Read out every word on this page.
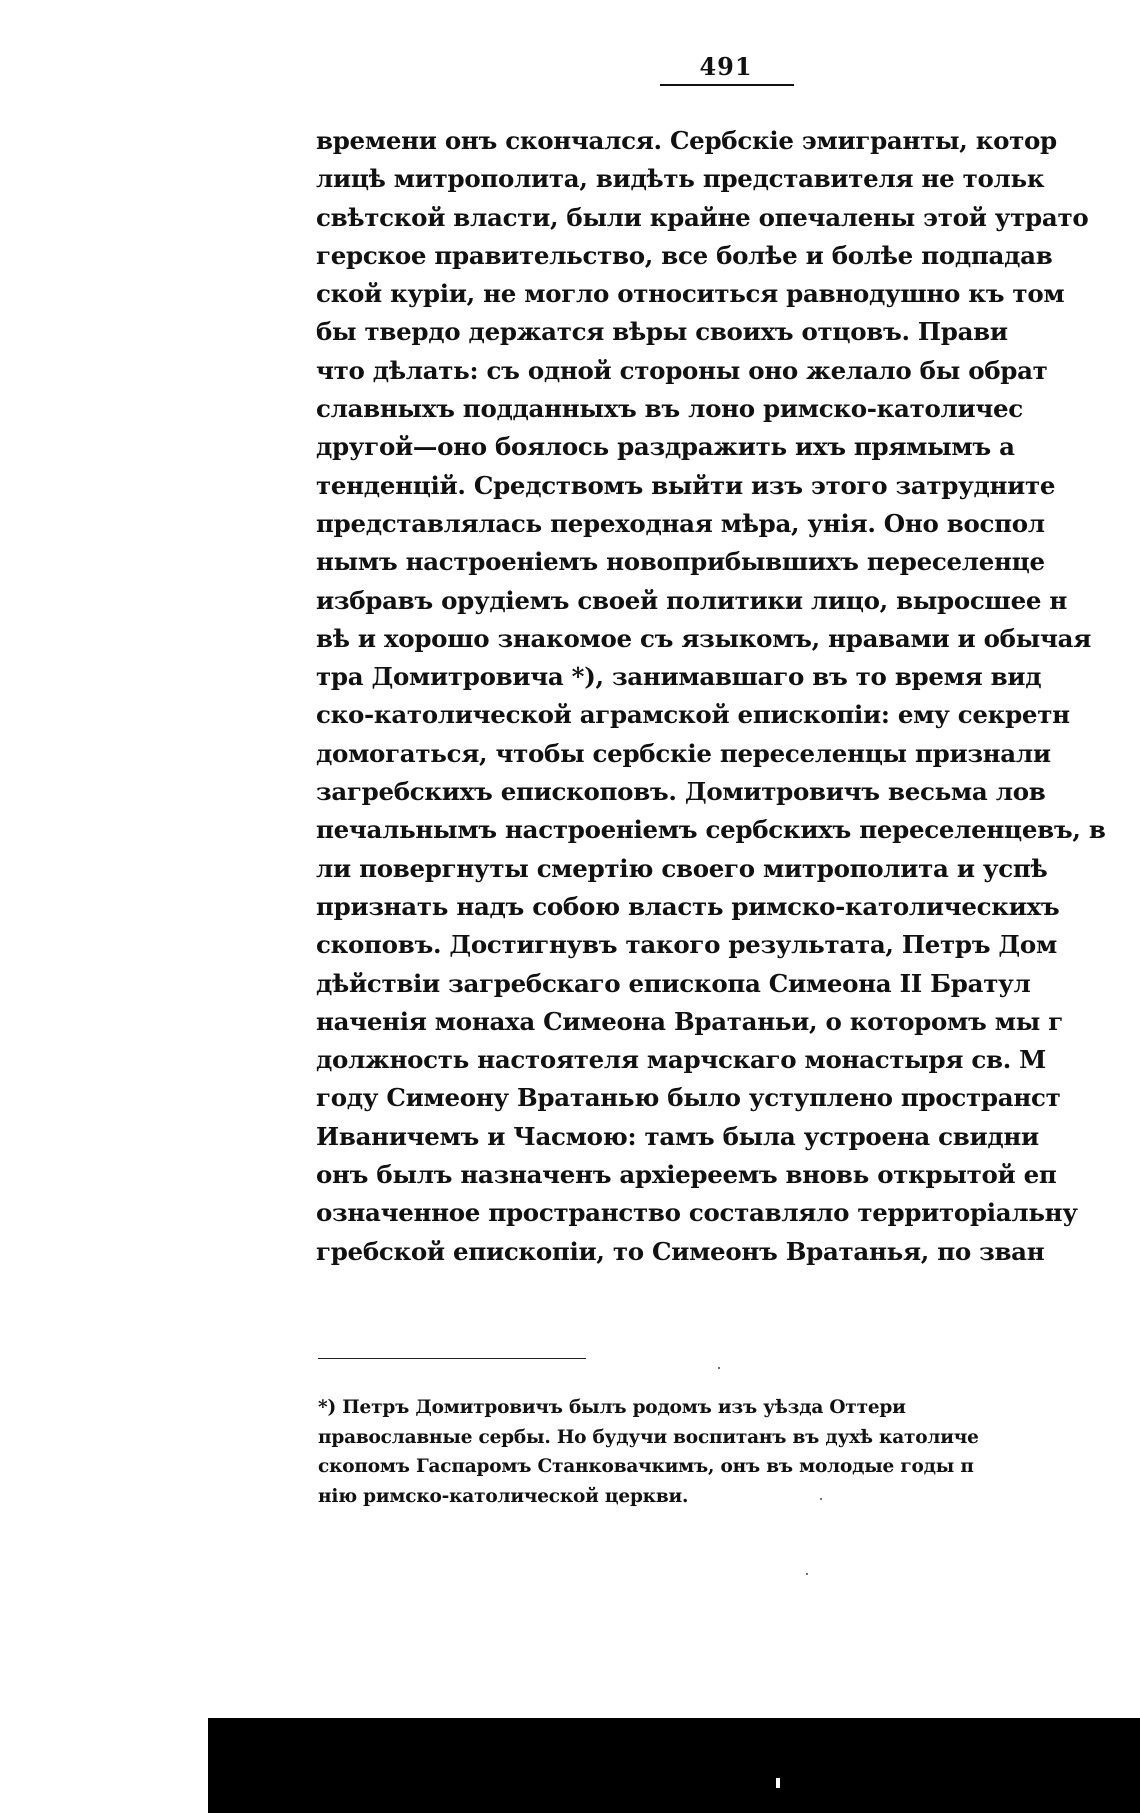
491
времени онъ скончался. Сербскіе эмигранты, котор
лицѣ митрополита, видѣть представителя не тольк
свѣтской власти, были крайне опечалены этой утрато
герское правительство, все болѣе и болѣе подпадав
ской куріи, не могло относиться равнодушно къ том
бы твердо держатся вѣры своихъ отцовъ. Прави
что дѣлать: съ одной стороны оно желало бы обрат
славныхъ подданныхъ въ лоно римско-католичес
другой—оно боялось раздражить ихъ прямымъ а
тенденцій. Средствомъ выйти изъ этого затрудните
представлялась переходная мѣра, унія. Оно воспол
нымъ настроеніемъ новоприбывшихъ переселенце
избравъ орудіемъ своей политики лицо, выросшее н
вѣ и хорошо знакомое съ языкомъ, нравами и обычая
тра Домитровича *), занимавшаго въ то время вид
ско-католической аграмской епископіи: ему секретн
домогаться, чтобы сербскіе переселенцы признали
загребскихъ епископовъ. Домитровичъ весьма лов
печальнымъ настроеніемъ сербскихъ переселенцевъ, в
ли повергнуты смертію своего митрополита и успѣ
признать надъ собою власть римско-католическихъ
скоповъ. Достигнувъ такого результата, Петръ Дом
дѣйствіи загребскаго епископа Симеона II Братул
наченія монаха Симеона Вратаньи, о которомъ мы г
должность настоятеля марчскаго монастыря св. М
году Симеону Вратанью было уступлено пространст
Иваничемъ и Часмою: тамъ была устроена свидни
онъ былъ назначенъ архіереемъ вновь открытой еп
означенное пространство составляло территоріальну
гребской епископіи, то Симеонъ Вратанья, по зван
*) Петръ Домитровичъ былъ родомъ изъ уѣзда Оттери
православные сербы. Но будучи воспитанъ въ духѣ католиче
скопомъ Гаспаромъ Станковачкимъ, онъ въ молодые годы п
нію римско-католической церкви.
